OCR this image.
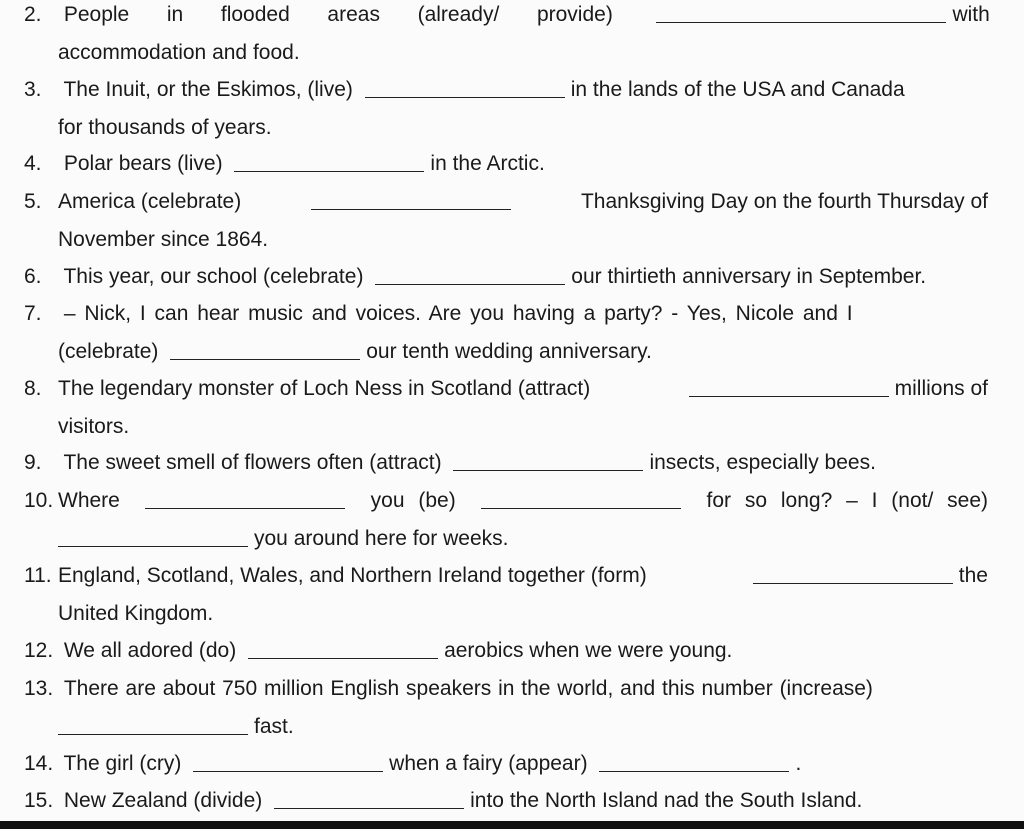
2. People in flooded areas (already/ provide)	with
accommodation and food.
3. The Inuit, or the Eskimos, (live)	in the lands of the USA and Canada
for thousands of years.
4. Polar bears (live)	in the Arctic.
5. America (celebrate)	Thanksgiving Day on the fourth Thursday of
November since 1864.
6. This year, our school (celebrate)	our thirtieth anniversary in September.
7. – Nick, I can hear music and voices. Are you having a party? - Yes, Nicole and I
(celebrate)	our tenth wedding anniversary.
8. The legendary monster of Loch Ness in Scotland (attract)	millions of
visitors.
9. The sweet smell of flowers often (attract)	insects, especially bees.
10. Where	you (be)	for so long? – I (not/ see)
you around here for weeks.
11. England, Scotland, Wales, and Northern Ireland together (form)	the
United Kingdom.
12. We all adored (do)	aerobics when we were young.
13. There are about 750 million English speakers in the world, and this number (increase)
fast.
14. The girl (cry)	when a fairy (appear)	.
15. New Zealand (divide)	into the North Island nad the South Island.
